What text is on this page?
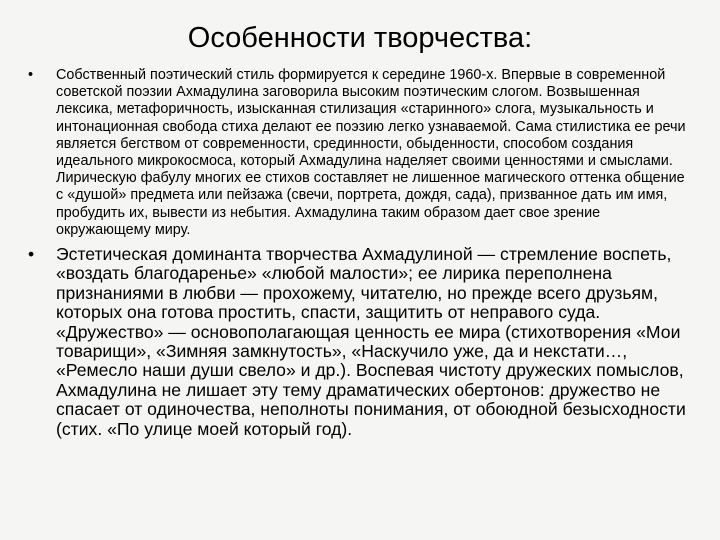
Особенности творчества:
• Собственный поэтический стиль формируется к середине 1960-х. Впервые в современной советской поэзии Ахмадулина заговорила высоким поэтическим слогом. Возвышенная лексика, метафоричность, изысканная стилизация «старинного» слога, музыкальность и интонационная свобода стиха делают ее поэзию легко узнаваемой. Сама стилистика ее речи является бегством от современности, срединности, обыденности, способом создания идеального микрокосмоса, который Ахмадулина наделяет своими ценностями и смыслами. Лирическую фабулу многих ее стихов составляет не лишенное магического оттенка общение с «душой» предмета или пейзажа (свечи, портрета, дождя, сада), призванное дать им имя, пробудить их, вывести из небытия. Ахмадулина таким образом дает свое зрение окружающему миру.
• Эстетическая доминанта творчества Ахмадулиной — стремление воспеть, «воздать благодаренье» «любой малости»; ее лирика переполнена признаниями в любви — прохожему, читателю, но прежде всего друзьям, которых она готова простить, спасти, защитить от неправого суда. «Дружество» — основополагающая ценность ее мира (стихотворения «Мои товарищи», «Зимняя замкнутость», «Наскучило уже, да и некстати…, «Ремесло наши души свело» и др.). Воспевая чистоту дружеских помыслов, Ахмадулина не лишает эту тему драматических обертонов: дружество не спасает от одиночества, неполноты понимания, от обоюдной безысходности (стих. «По улице моей который год).
